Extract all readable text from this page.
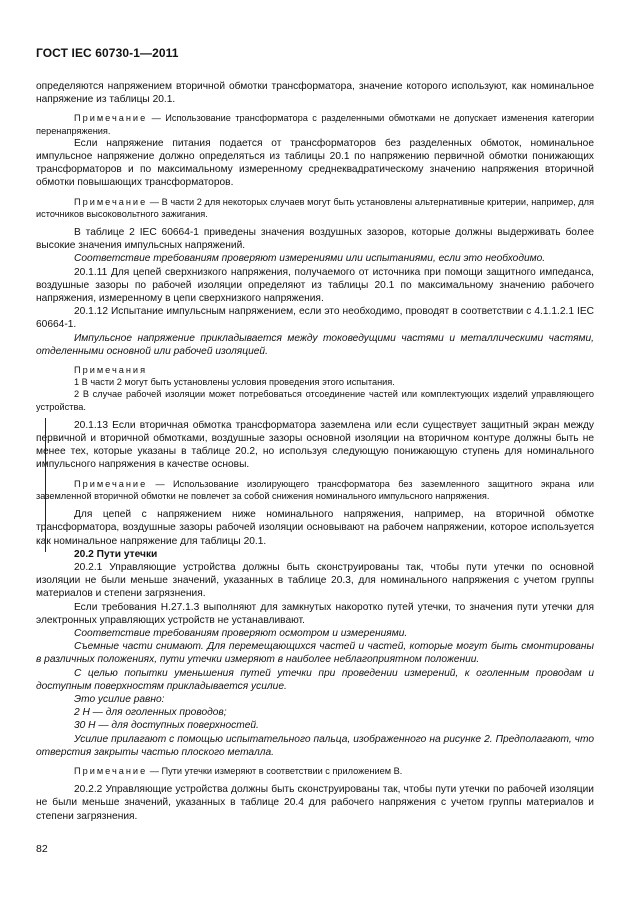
ГОСТ IEC 60730-1—2011

определяются напряжением вторичной обмотки трансформатора, значение которого используют, как номинальное напряжение из таблицы 20.1.

Примечание — Использование трансформатора с разделенными обмотками не допускает изменения категории перенапряжения.

Если напряжение питания подается от трансформаторов без разделенных обмоток, номинальное импульсное напряжение должно определяться из таблицы 20.1 по напряжению первичной обмотки понижающих трансформаторов и по максимальному измеренному среднеквадратическому значению напряжения вторичной обмотки повышающих трансформаторов.

Примечание — В части 2 для некоторых случаев могут быть установлены альтернативные критерии, например, для источников высоковольтного зажигания.

В таблице 2 IEC 60664-1 приведены значения воздушных зазоров, которые должны выдерживать более высокие значения импульсных напряжений.

Соответствие требованиям проверяют измерениями или испытаниями, если это необходимо.

20.1.11 Для цепей сверхнизкого напряжения, получаемого от источника при помощи защитного импеданса, воздушные зазоры по рабочей изоляции определяют из таблицы 20.1 по максимальному значению рабочего напряжения, измеренному в цепи сверхнизкого напряжения.

20.1.12 Испытание импульсным напряжением, если это необходимо, проводят в соответствии с 4.1.1.2.1 IEC 60664-1.

Импульсное напряжение прикладывается между токоведущими частями и металлическими частями, отделенными основной или рабочей изоляцией.

Примечания

1 В части 2 могут быть установлены условия проведения этого испытания.

2 В случае рабочей изоляции может потребоваться отсоединение частей или комплектующих изделий управляющего устройства.

20.1.13 Если вторичная обмотка трансформатора заземлена или если существует защитный экран между первичной и вторичной обмотками, воздушные зазоры основной изоляции на вторичном контуре должны быть не менее тех, которые указаны в таблице 20.2, но используя следующую понижающую ступень для номинального импульсного напряжения в качестве основы.

Примечание — Использование изолирующего трансформатора без заземленного защитного экрана или заземленной вторичной обмотки не повлечет за собой снижения номинального импульсного напряжения.

Для цепей с напряжением ниже номинального напряжения, например, на вторичной обмотке трансформатора, воздушные зазоры рабочей изоляции основывают на рабочем напряжении, которое используется как номинальное напряжение для таблицы 20.1.

20.2 Пути утечки

20.2.1 Управляющие устройства должны быть сконструированы так, чтобы пути утечки по основной изоляции не были меньше значений, указанных в таблице 20.3, для номинального напряжения с учетом группы материалов и степени загрязнения.

Если требования Н.27.1.3 выполняют для замкнутых накоротко путей утечки, то значения пути утечки для электронных управляющих устройств не устанавливают.

Соответствие требованиям проверяют осмотром и измерениями.

Съемные части снимают. Для перемещающихся частей и частей, которые могут быть смонтированы в различных положениях, пути утечки измеряют в наиболее неблагоприятном положении.

С целью попытки уменьшения путей утечки при проведении измерений, к оголенным проводам и доступным поверхностям прикладывается усилие.

Это усилие равно:

2 Н — для оголенных проводов;

30 Н — для доступных поверхностей.

Усилие прилагают с помощью испытательного пальца, изображенного на рисунке 2. Предполагают, что отверстия закрыты частью плоского металла.

Примечание — Пути утечки измеряют в соответствии с приложением В.

20.2.2 Управляющие устройства должны быть сконструированы так, чтобы пути утечки по рабочей изоляции не были меньше значений, указанных в таблице 20.4 для рабочего напряжения с учетом группы материалов и степени загрязнения.

82
